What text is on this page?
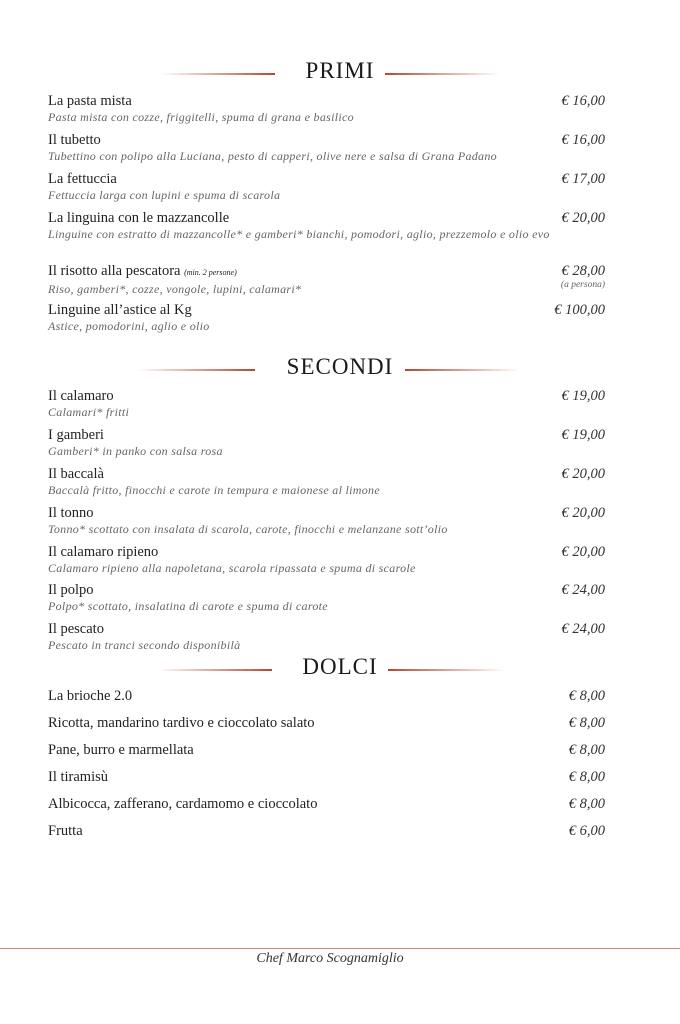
PRIMI
La pasta mista
Pasta mista con cozze, friggitelli, spuma di grana e basilico
€ 16,00
Il tubetto
Tubettino con polipo alla Luciana, pesto di capperi, olive nere e salsa di Grana Padano
€ 16,00
La fettuccia
Fettuccia larga con lupini e spuma di scarola
€ 17,00
La linguina con le mazzancolle
Linguine con estratto di mazzancolle* e gamberi* bianchi, pomodori, aglio, prezzemolo e olio evo
€ 20,00
Il risotto alla pescatora (min. 2 persone)
Riso, gamberi*, cozze, vongole, lupini, calamari*
€ 28,00
(a persona)
Linguine all’astice al Kg
Astice, pomodorini, aglio e olio
€ 100,00
SECONDI
Il calamaro
Calamari* fritti
€ 19,00
I gamberi
Gamberi* in panko con salsa rosa
€ 19,00
Il baccalà
Baccalà fritto, finocchi e carote in tempura e maionese al limone
€ 20,00
Il tonno
Tonno* scottato con insalata di scarola, carote, finocchi e melanzane sott’olio
€ 20,00
Il calamaro ripieno
Calamaro ripieno alla napoletana, scarola ripassata e spuma di scarole
€ 20,00
Il polpo
Polpo* scottato, insalatina di carote e spuma di carote
€ 24,00
Il pescato
Pescato in tranci secondo disponibilà
€ 24,00
DOLCI
La brioche 2.0	€ 8,00
Ricotta, mandarino tardivo e cioccolato salato	€ 8,00
Pane, burro e marmellata	€ 8,00
Il tiramisù	€ 8,00
Albicocca, zafferano, cardamomo e cioccolato	€ 8,00
Frutta	€ 6,00
Chef Marco Scognamiglio
